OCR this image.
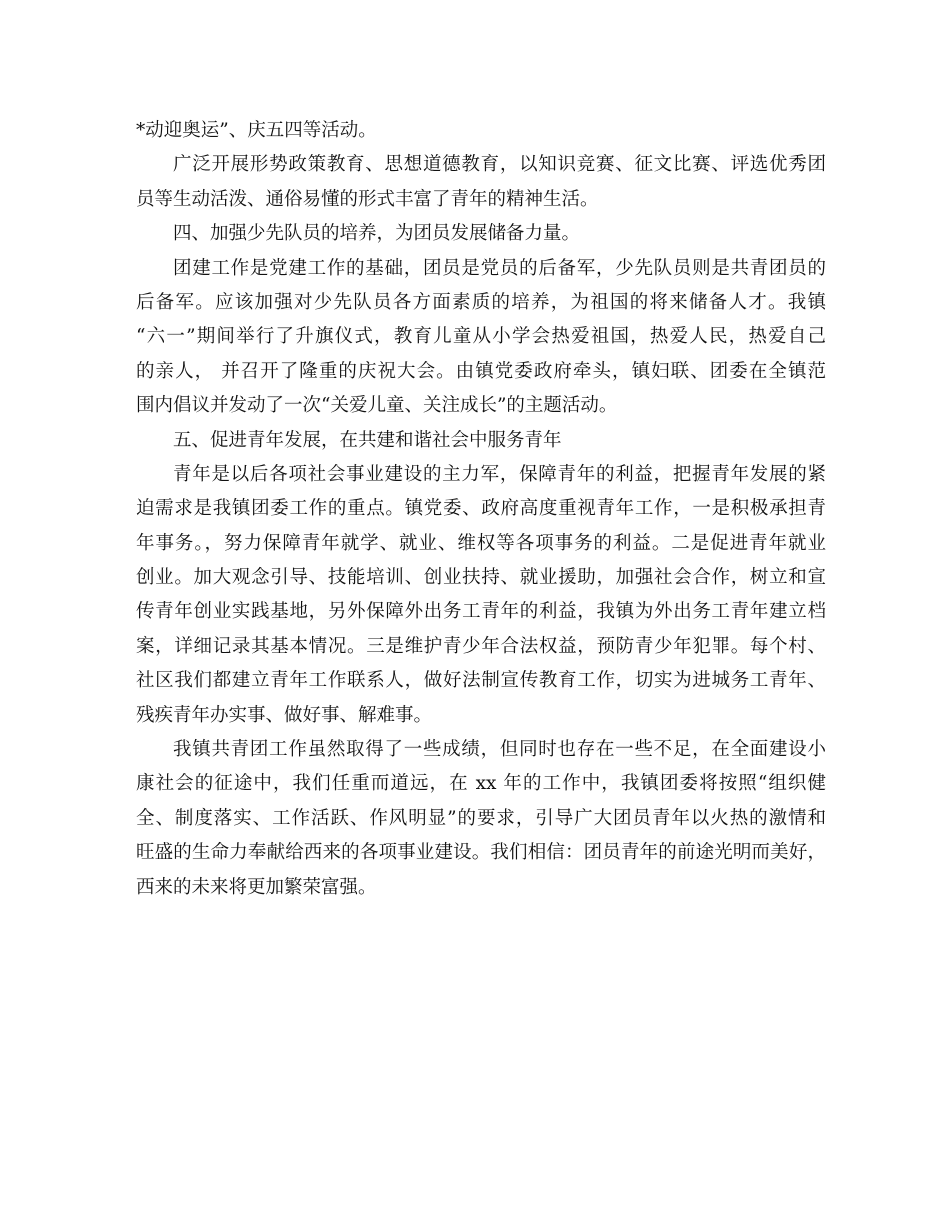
*动迎奥运”、庆五四等活动。
广泛开展形势政策教育、思想道德教育，以知识竞赛、征文比赛、评选优秀团
员等生动活泼、通俗易懂的形式丰富了青年的精神生活。
四、加强少先队员的培养，为团员发展储备力量。
团建工作是党建工作的基础，团员是党员的后备军，少先队员则是共青团员的
后备军。应该加强对少先队员各方面素质的培养，为祖国的将来储备人才。我镇
“六一”期间举行了升旗仪式，教育儿童从小学会热爱祖国，热爱人民，热爱自己
的亲人， 并召开了隆重的庆祝大会。由镇党委政府牵头，镇妇联、团委在全镇范
围内倡议并发动了一次“关爱儿童、关注成长”的主题活动。
五、促进青年发展，在共建和谐社会中服务青年
青年是以后各项社会事业建设的主力军，保障青年的利益，把握青年发展的紧
迫需求是我镇团委工作的重点。镇党委、政府高度重视青年工作，一是积极承担青
年事务。，努力保障青年就学、就业、维权等各项事务的利益。二是促进青年就业
创业。加大观念引导、技能培训、创业扶持、就业援助，加强社会合作，树立和宣
传青年创业实践基地，另外保障外出务工青年的利益，我镇为外出务工青年建立档
案，详细记录其基本情况。三是维护青少年合法权益，预防青少年犯罪。每个村、
社区我们都建立青年工作联系人，做好法制宣传教育工作，切实为进城务工青年、
残疾青年办实事、做好事、解难事。
我镇共青团工作虽然取得了一些成绩，但同时也存在一些不足，在全面建设小
康社会的征途中，我们任重而道远，在 xx 年的工作中，我镇团委将按照“组织健
全、制度落实、工作活跃、作风明显”的要求，引导广大团员青年以火热的激情和
旺盛的生命力奉献给西来的各项事业建设。我们相信：团员青年的前途光明而美好，
西来的未来将更加繁荣富强。
